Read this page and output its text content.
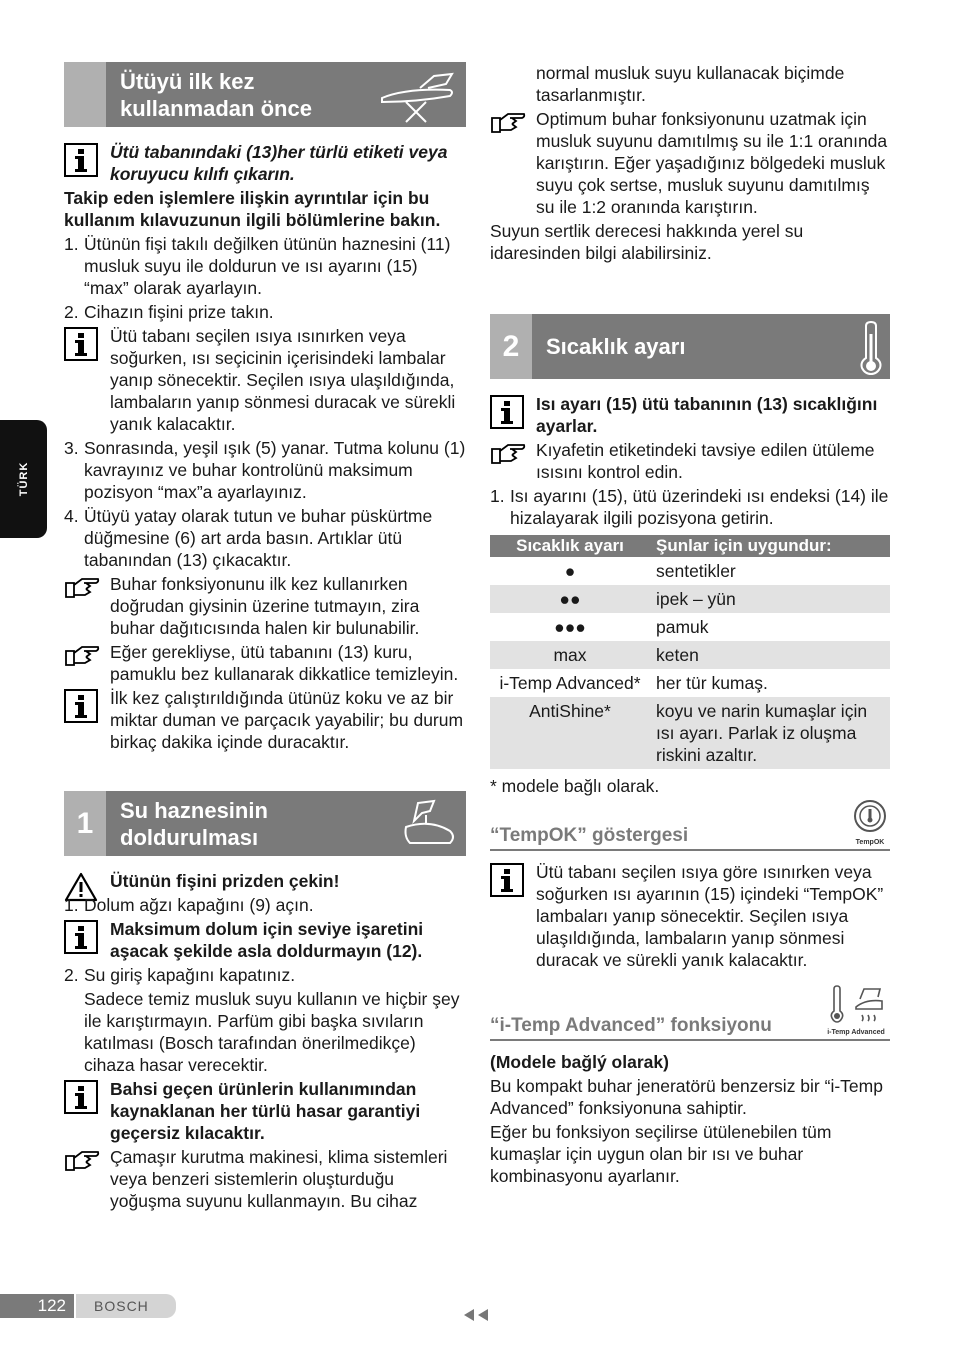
TÜRK
Ütüyü ilk kez kullanmadan önce
Ütü tabanındaki (13)her türlü etiketi veya koruyucu kılıfı çıkarın.
Takip eden işlemlere ilişkin ayrıntılar için bu kullanım kılavuzunun ilgili bölümlerine bakın.
1. Ütünün fişi takılı değilken ütünün haznesini (11) musluk suyu ile doldurun ve ısı ayarını (15) “max” olarak ayarlayın.
2. Cihazın fişini prize takın.
Ütü tabanı seçilen ısıya ısınırken veya soğurken, ısı seçicinin içerisindeki lambalar yanıp sönecektir. Seçilen ısıya ulaşıldığında, lambaların yanıp sönmesi duracak ve sürekli yanık kalacaktır.
3. Sonrasında, yeşil ışık (5) yanar. Tutma kolunu (1) kavrayınız ve buhar kontrolünü maksimum pozisyon “max”a ayarlayınız.
4. Ütüyü yatay olarak tutun ve buhar püskürtme düğmesine (6) art arda basın. Artıklar ütü tabanından (13) çıkacaktır.
Buhar fonksiyonunu ilk kez kullanırken doğrudan giysinin üzerine tutmayın, zira buhar dağıtıcısında halen kir bulunabilir.
Eğer gerekliyse, ütü tabanını (13) kuru, pamuklu bez kullanarak dikkatlice temizleyin.
İlk kez çalıştırıldığında ütünüz koku ve az bir miktar duman ve parçacık yayabilir; bu durum birkaç dakika içinde duracaktır.
1	Su haznesinin doldurulması
Ütünün fişini prizden çekin!
1. Dolum ağzı kapağını (9) açın.
Maksimum dolum için seviye işaretini aşacak şekilde asla doldurmayın (12).
2. Su giriş kapağını kapatınız.
Sadece temiz musluk suyu kullanın ve hiçbir şey ile karıştırmayın. Parfüm gibi başka sıvıların katılması (Bosch tarafından önerilmedikçe) cihaza hasar verecektir.
Bahsi geçen ürünlerin kullanımından kaynaklanan her türlü hasar garantiyi geçersiz kılacaktır.
Çamaşır kurutma makinesi, klima sistemleri veya benzeri sistemlerin oluşturduğu yoğuşma suyunu kullanmayın. Bu cihaz
normal musluk suyu kullanacak biçimde tasarlanmıştır.
Optimum buhar fonksiyonunu uzatmak için musluk suyunu damıtılmış su ile 1:1 oranında karıştırın. Eğer yaşadığınız bölgedeki musluk suyu çok sertse, musluk suyunu damıtılmış su ile 1:2 oranında karıştırın.
Suyun sertlik derecesi hakkında yerel su idaresinden bilgi alabilirsiniz.
2	Sıcaklık ayarı
Isı ayarı (15) ütü tabanının (13) sıcaklığını ayarlar.
Kıyafetin etiketindeki tavsiye edilen ütüleme ısısını kontrol edin.
1. Isı ayarını (15), ütü üzerindeki ısı endeksi (14) ile hizalayarak ilgili pozisyona getirin.
Sıcaklık ayarı	Şunlar için uygundur:
●	sentetikler
●●	ipek – yün
●●●	pamuk
max	keten
i-Temp Advanced*	her tür kumaş.
AntiShine*	koyu ve narin kumaşlar için ısı ayarı. Parlak iz oluşma riskini azaltır.
* modele bağlı olarak.
“TempOK” göstergesi	TempOK
Ütü tabanı seçilen ısıya göre ısınırken veya soğurken ısı ayarının (15) içindeki “TempOK” lambaları yanıp sönecektir. Seçilen ısıya ulaşıldığında, lambaların yanıp sönmesi duracak ve sürekli yanık kalacaktır.
“i-Temp Advanced” fonksiyonu	i-Temp Advanced
(Modele bağlý olarak)
Bu kompakt buhar jeneratörü benzersiz bir “i-Temp Advanced” fonksiyonuna sahiptir.
Eğer bu fonksiyon seçilirse ütülenebilen tüm kumaşlar için uygun olan bir ısı ve buhar kombinasyonu ayarlanır.
122	BOSCH
